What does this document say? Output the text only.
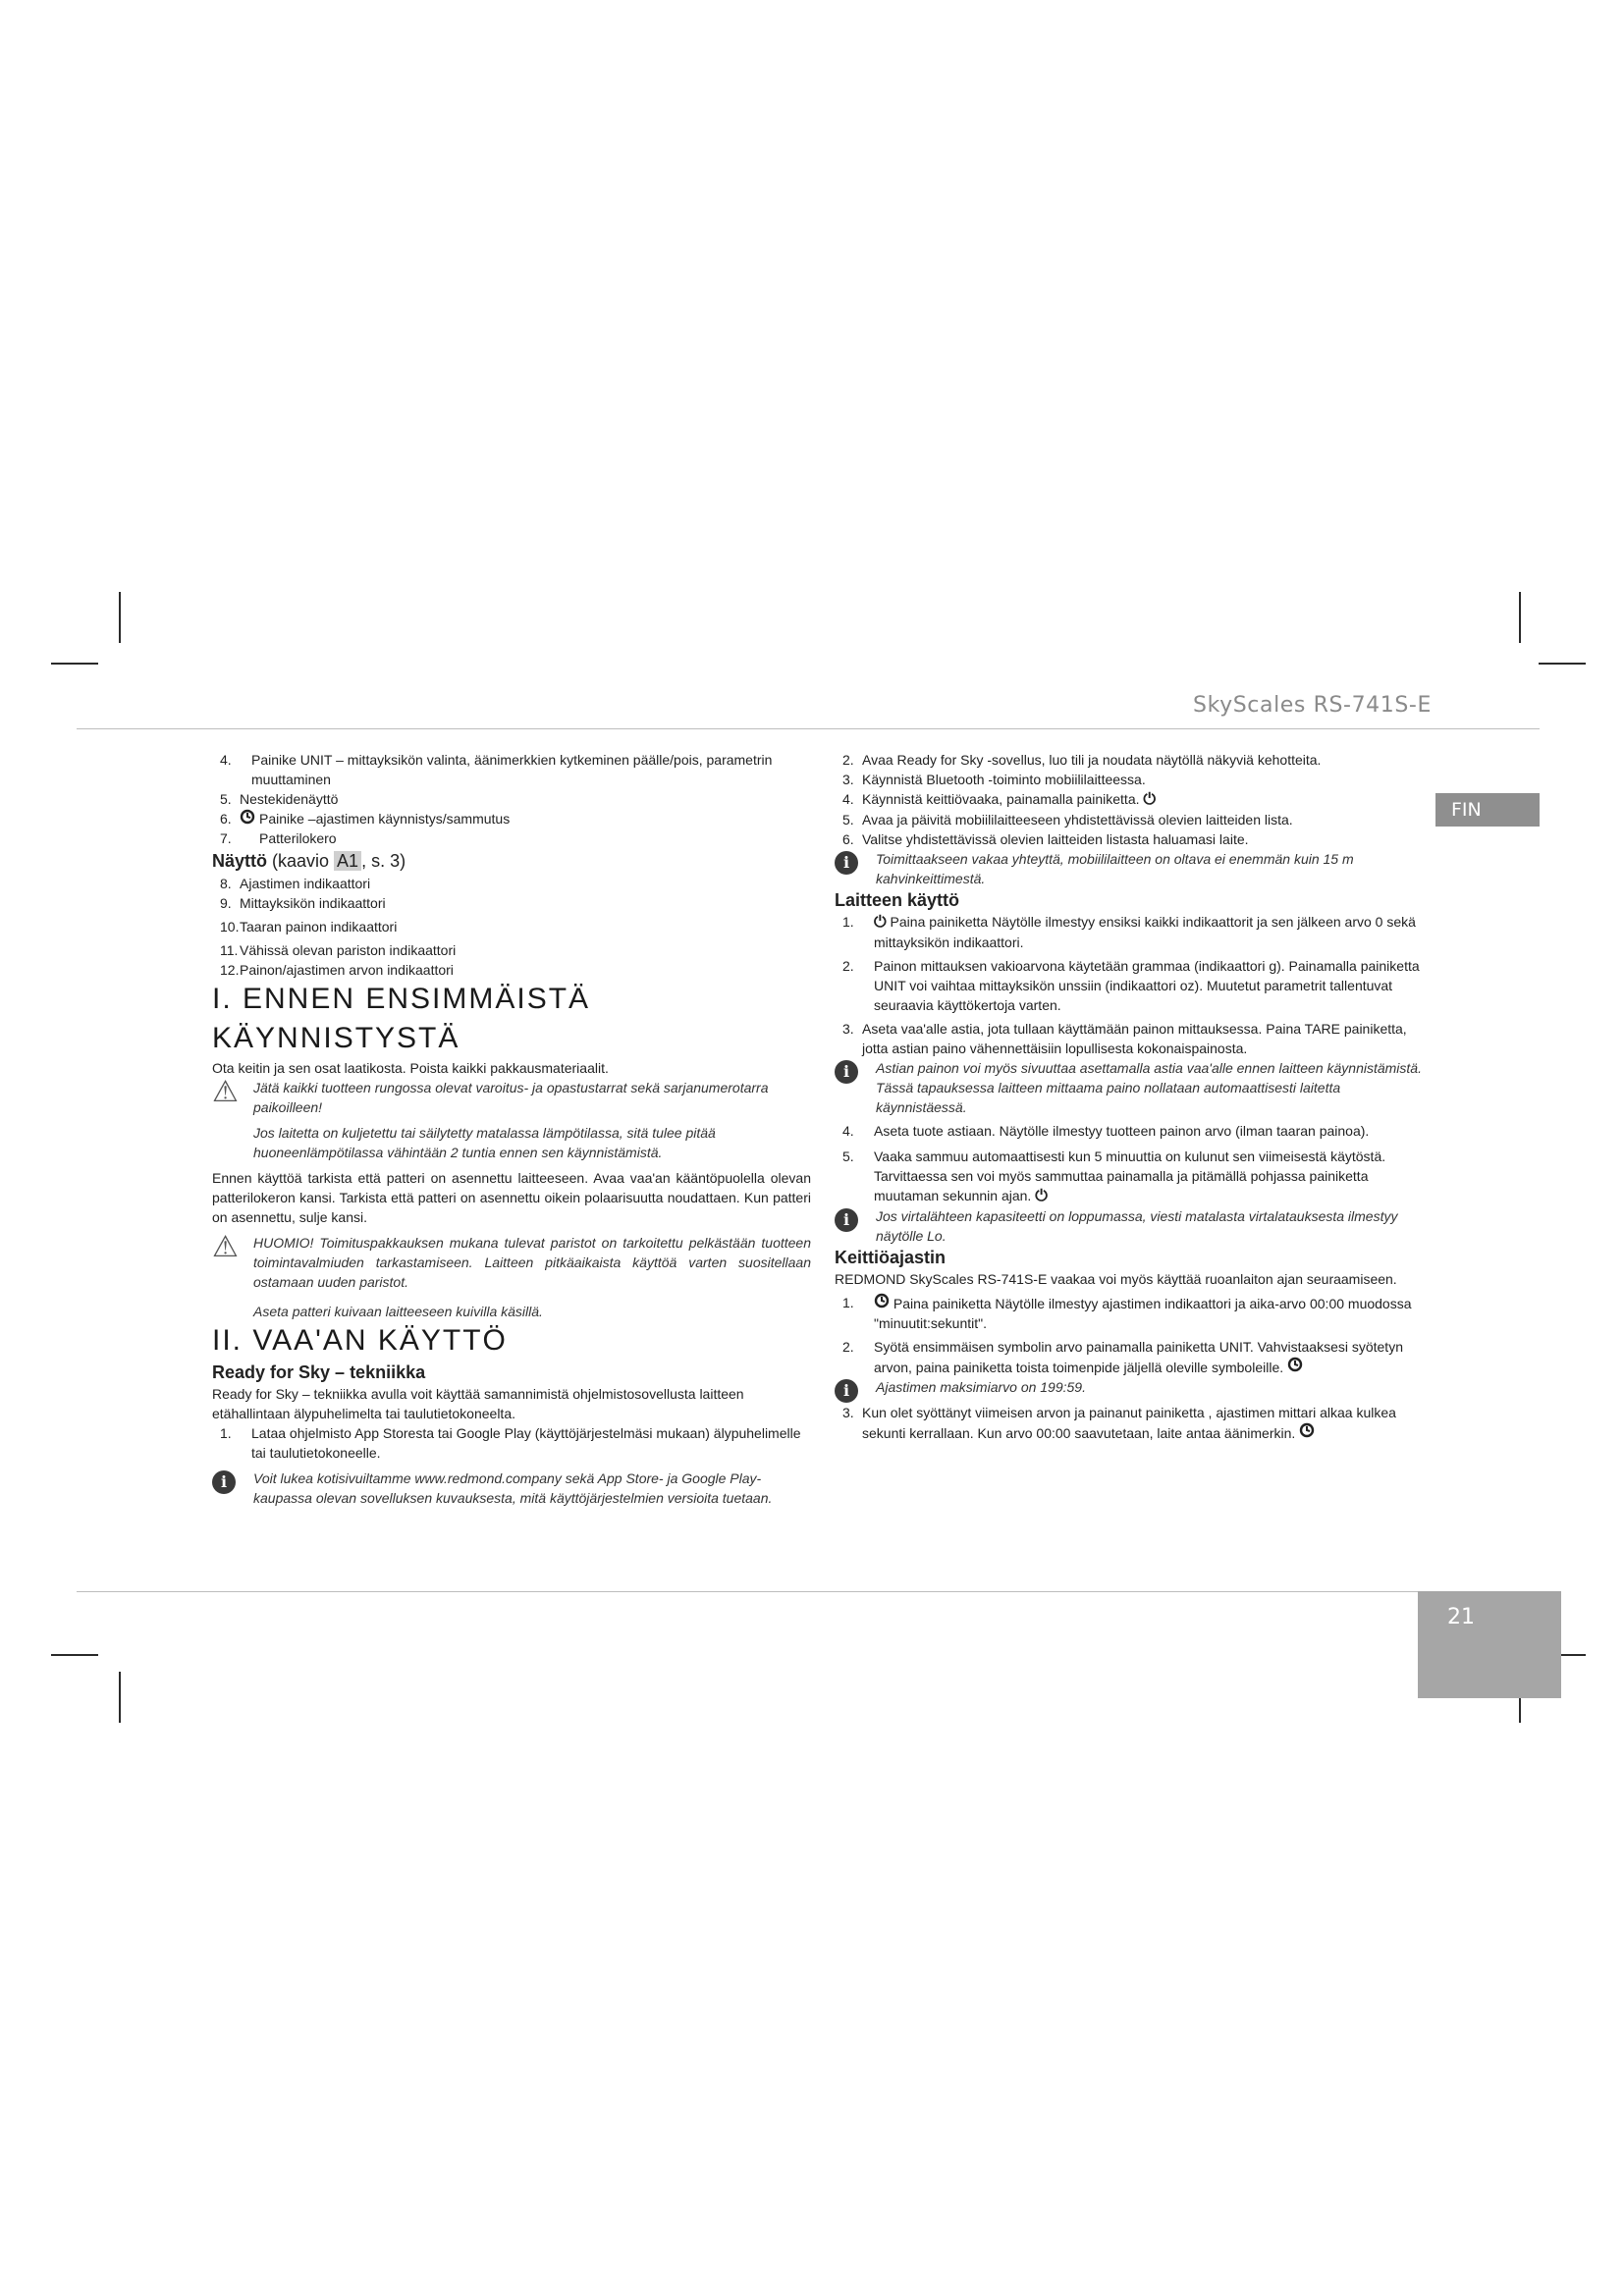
SkyScales RS-741S-E
FIN
21
4. Painike UNIT – mittayksikön valinta, äänimerkkien kytkeminen päälle/pois, parametrin muuttaminen
5. Nestekidenäyttö
6. Painike –ajastimen käynnistys/sammutus
7. Patterilokero
Näyttö (kaavio A1 , s. 3)
8. Ajastimen indikaattori
9. Mittayksikön indikaattori
10. Taaran painon indikaattori
11. Vähissä olevan pariston indikaattori
12. Painon/ajastimen arvon indikaattori
I. ENNEN ENSIMMÄISTÄ KÄYNNISTYSTÄ

Ota keitin ja sen osat laatikosta. Poista kaikki pakkausmateriaalit.

⚠ Jätä kaikki tuotteen rungossa olevat varoitus- ja opastustarrat sekä sarjanumerotarra paikoilleen!
Jos laitetta on kuljetettu tai säilytetty matalassa lämpötilassa, sitä tulee pitää huoneenlämpötilassa vähintään 2 tuntia ennen sen käynnistämistä.

Ennen käyttöä tarkista että patteri on asennettu laitteeseen. Avaa vaa'an kääntöpuolella olevan patterilokeron kansi. Tarkista että patteri on asennettu oikein polaarisuutta noudattaen. Kun patteri on asennettu, sulje kansi.

⚠ HUOMIO! Toimituspakkauksen mukana tulevat paristot on tarkoitettu pelkästään tuotteen toimintavalmiuden tarkastamiseen. Laitteen pitkäaikaista käyttöä varten suositellaan ostamaan uuden paristot.
Aseta patteri kuivaan laitteeseen kuivilla käsillä.
II. VAA'AN KÄYTTÖ
Ready for Sky – tekniikka

Ready for Sky – tekniikka avulla voit käyttää samannimistä ohjelmistosovellusta laitteen etähallintaan älypuhelimelta tai taulutietokoneelta.

1. Lataa ohjelmisto App Storesta tai Google Play (käyttöjärjestelmäsi mukaan) älypuhelimelle tai taulutietokoneelle.
i	Voit lukea kotisivuiltamme www.redmond.company sekä App Store- ja Google Play-kaupassa olevan sovelluksen kuvauksesta, mitä käyttöjärjestelmien versioita tuetaan.
2. Avaa Ready for Sky -sovellus, luo tili ja noudata näytöllä näkyviä kehotteita.
3. Käynnistä Bluetooth -toiminto mobiililaitteessa.
4. Käynnistä keittiövaaka, painamalla painiketta. ⏻
5. Avaa ja päivitä mobiililaitteeseen yhdistettävissä olevien laitteiden lista.
6. Valitse yhdistettävissä olevien laitteiden listasta haluamasi laite.
i	Toimittaakseen vakaa yhteyttä, mobiililaitteen on oltava ei enemmän kuin 15 m kahvinkeittimestä.
Laitteen käyttö
1. ⏻ Paina painiketta Näytölle ilmestyy ensiksi kaikki indikaattorit ja sen jälkeen arvo 0 sekä mittayksikön indikaattori.
2. Painon mittauksen vakioarvona käytetään grammaa (indikaattori g). Painamalla painiketta UNIT voi vaihtaa mittayksikön unssiin (indikaattori oz). Muutetut parametrit tallentuvat seuraavia käyttökertoja varten.
3. Aseta vaa'alle astia, jota tullaan käyttämään painon mittauksessa. Paina TARE painiketta, jotta astian paino vähennettäisiin lopullisesta kokonaispainosta.
i	Astian painon voi myös sivuuttaa asettamalla astia vaa'alle ennen laitteen käynnistämistä. Tässä tapauksessa laitteen mittaama paino nollataan automaattisesti laitetta käynnistäessä.
4. Aseta tuote astiaan. Näytölle ilmestyy tuotteen painon arvo (ilman taaran painoa).
5. Vaaka sammuu automaattisesti kun 5 minuuttia on kulunut sen viimeisestä käytöstä. Tarvittaessa sen voi myös sammuttaa painamalla ja pitämällä pohjassa painiketta muutaman sekunnin ajan. ⏻
i	Jos virtalähteen kapasiteetti on loppumassa, viesti matalasta virtalatauksesta ilmestyy näytölle Lo.
Keittiöajastin

REDMOND SkyScales RS-741S-E vaakaa voi myös käyttää ruoanlaiton ajan seuraamiseen.

1.	Paina painiketta Näytölle ilmestyy ajastimen indikaattori ja aika-arvo 00:00 muodossa "minuutit:sekuntit".
2. Syötä ensimmäisen symbolin arvo painamalla painiketta UNIT. Vahvistaaksesi syötetyn arvon, paina painiketta toista toimenpide jäljellä oleville symboleille.
i	Ajastimen maksimiarvo on 199:59.
3. Kun olet syöttänyt viimeisen arvon ja painanut painiketta , ajastimen mittari alkaa kulkea sekunti kerrallaan. Kun arvo 00:00 saavutetaan, laite antaa äänimerkin.
